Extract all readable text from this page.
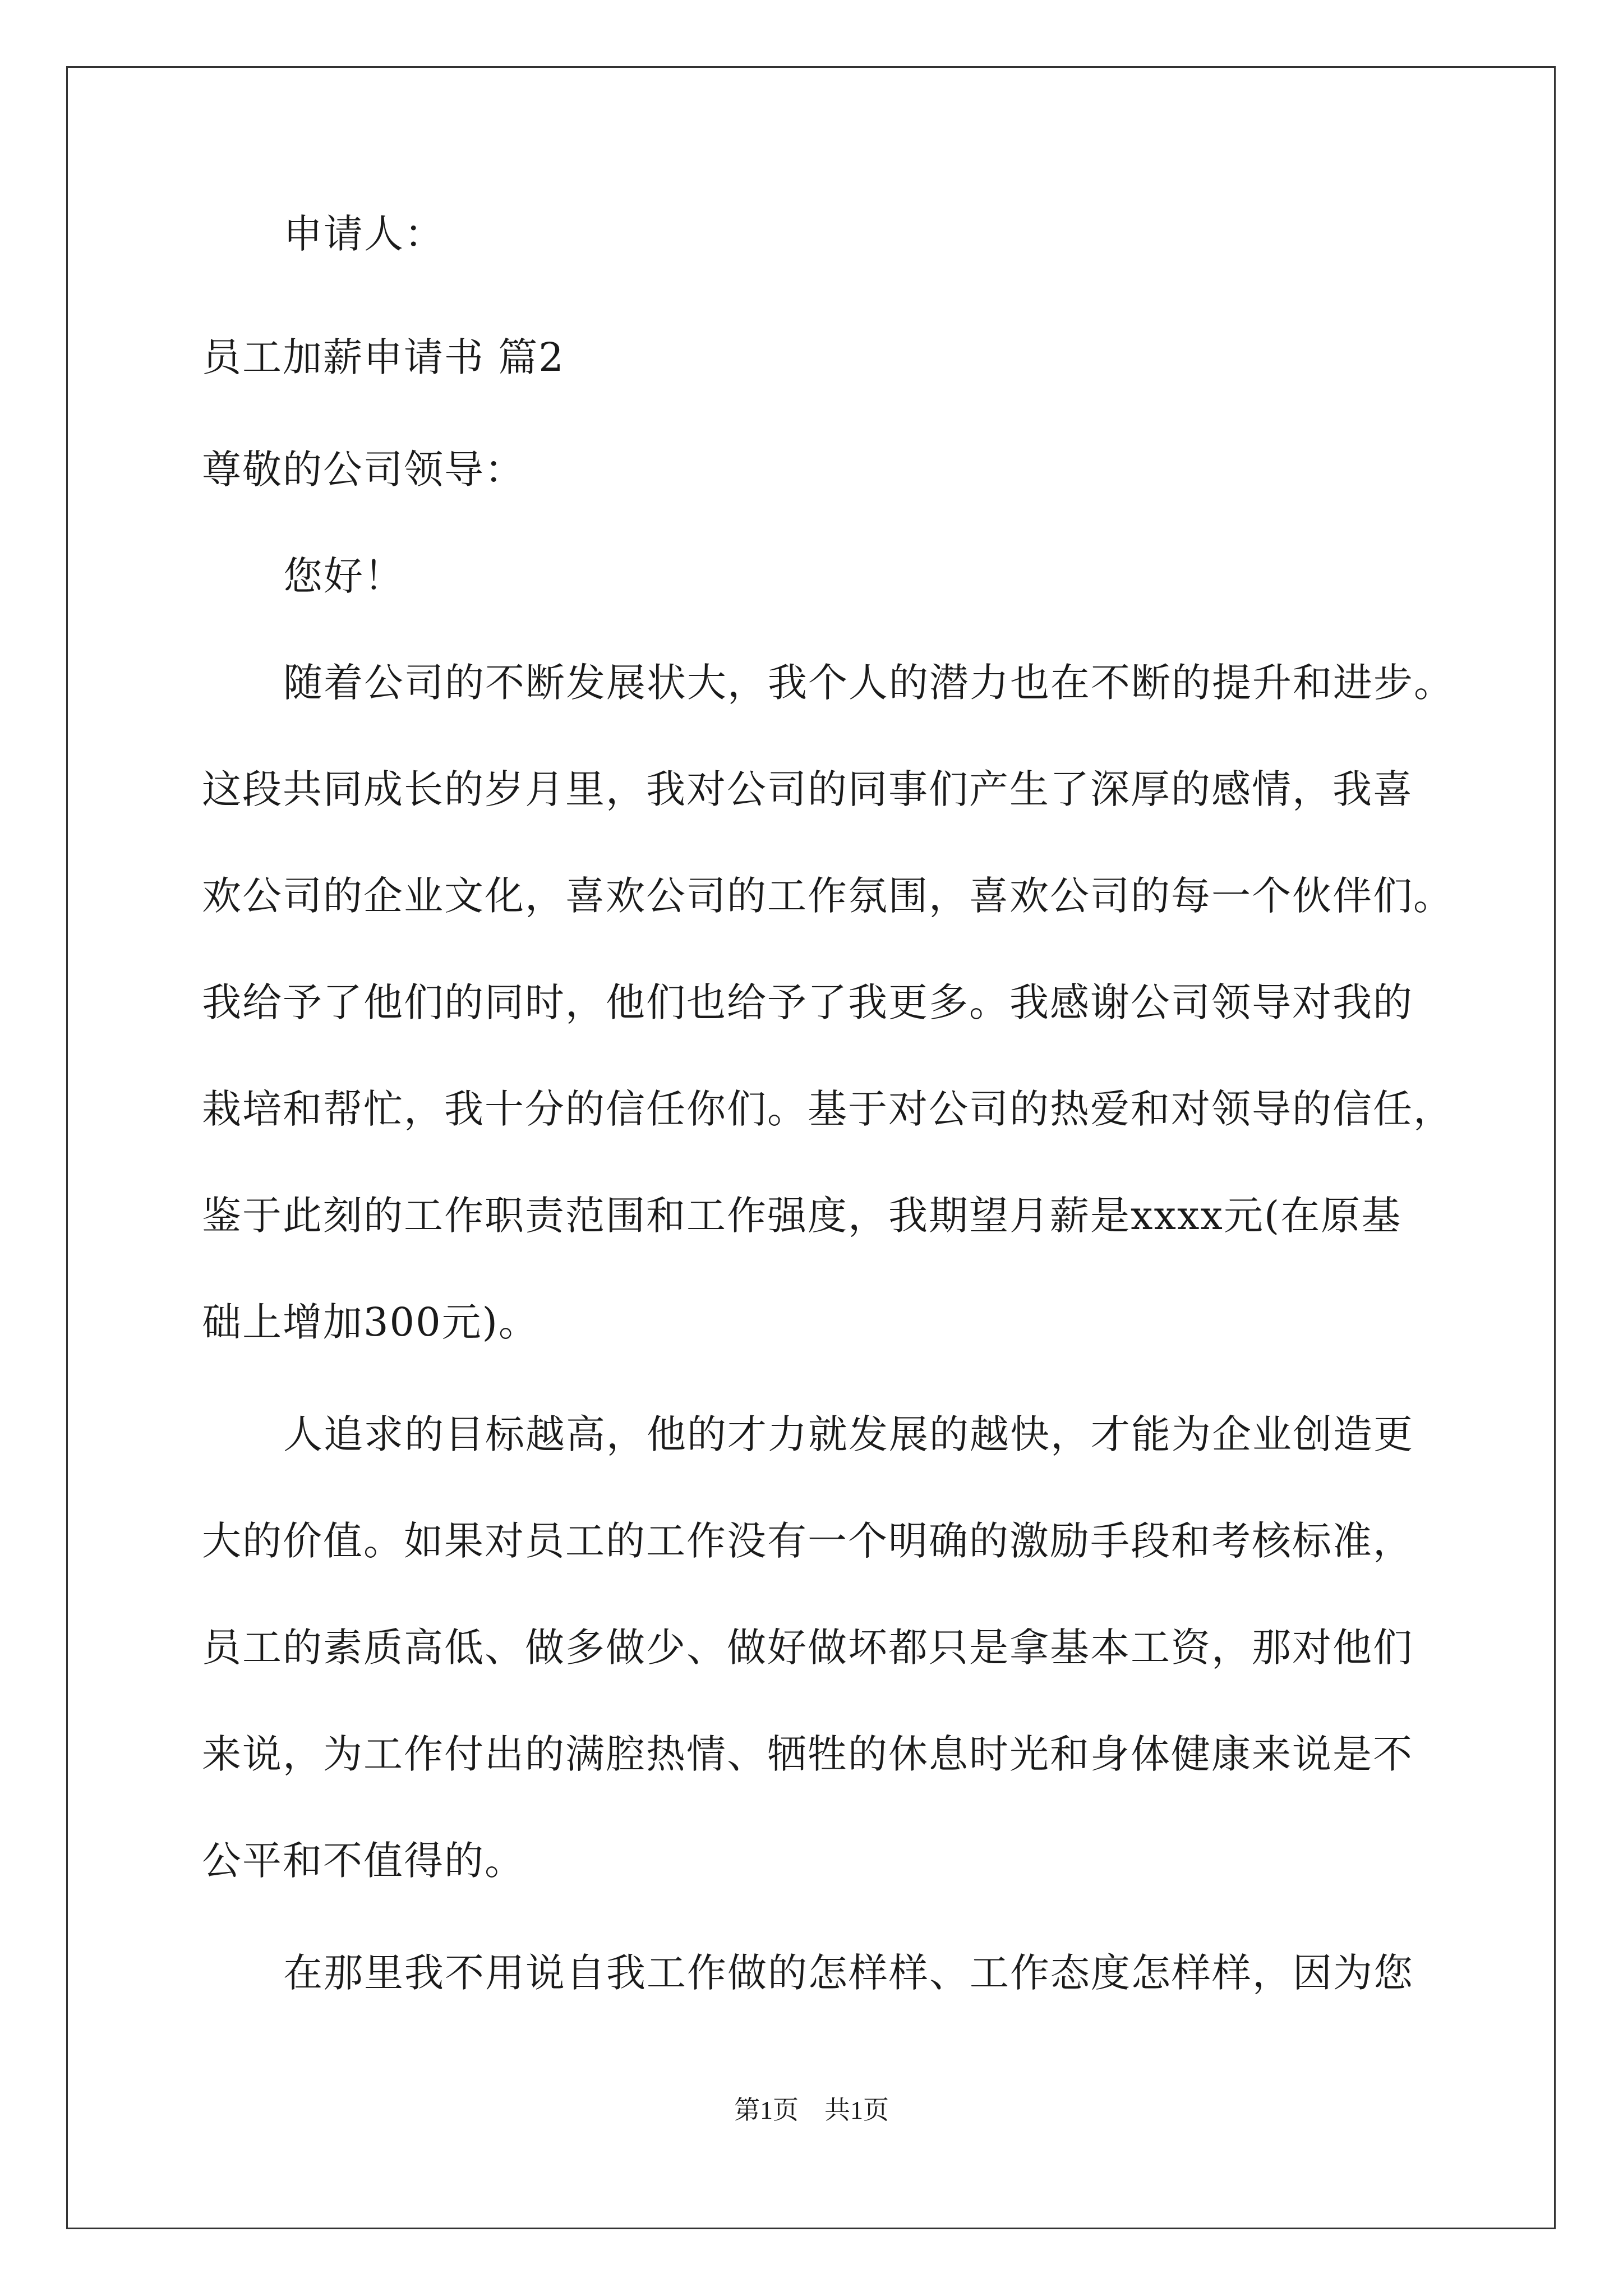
申请人：
员工加薪申请书 篇2
尊敬的公司领导：
您好！
随着公司的不断发展状大，我个人的潜力也在不断的提升和进步。
这段共同成长的岁月里，我对公司的同事们产生了深厚的感情，我喜
欢公司的企业文化，喜欢公司的工作氛围，喜欢公司的每一个伙伴们。
我给予了他们的同时，他们也给予了我更多。我感谢公司领导对我的
栽培和帮忙，我十分的信任你们。基于对公司的热爱和对领导的信任，
鉴于此刻的工作职责范围和工作强度，我期望月薪是xxxx元(在原基
础上增加300元)。
人追求的目标越高，他的才力就发展的越快，才能为企业创造更
大的价值。如果对员工的工作没有一个明确的激励手段和考核标准，
员工的素质高低、做多做少、做好做坏都只是拿基本工资，那对他们
来说，为工作付出的满腔热情、牺牲的休息时光和身体健康来说是不
公平和不值得的。
在那里我不用说自我工作做的怎样样、工作态度怎样样，因为您
第1页　共1页
